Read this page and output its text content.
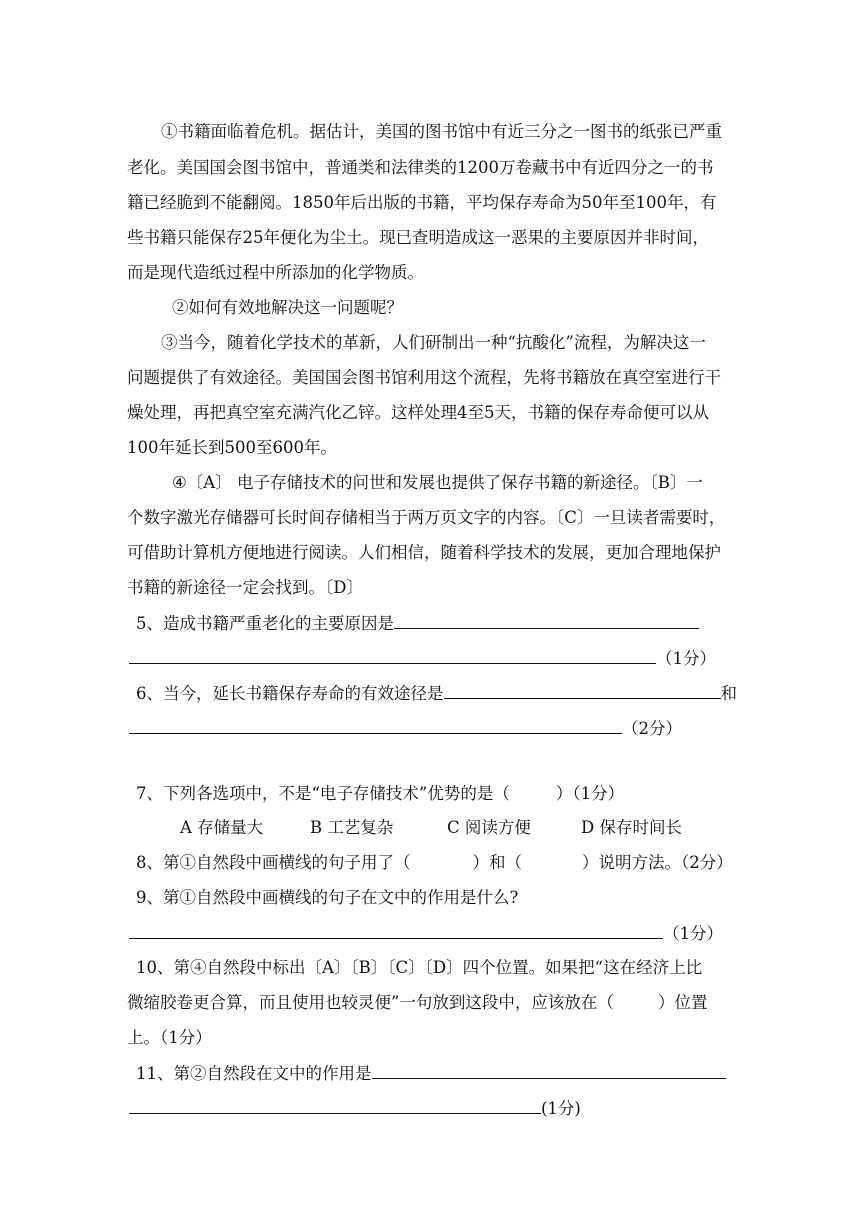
①书籍面临着危机。据估计，美国的图书馆中有近三分之一图书的纸张已严重
老化。美国国会图书馆中，普通类和法律类的1200万卷藏书中有近四分之一的书
籍已经脆到不能翻阅。1850年后出版的书籍，平均保存寿命为50年至100年，有
些书籍只能保存25年便化为尘土。现已查明造成这一恶果的主要原因并非时间，
而是现代造纸过程中所添加的化学物质。
②如何有效地解决这一问题呢？
③当今，随着化学技术的革新，人们研制出一种“抗酸化”流程，为解决这一
问题提供了有效途径。美国国会图书馆利用这个流程，先将书籍放在真空室进行干
燥处理，再把真空室充满汽化乙锌。这样处理4至5天，书籍的保存寿命便可以从
100年延长到500至600年。
④〔A〕 电子存储技术的问世和发展也提供了保存书籍的新途径。〔B〕一
个数字激光存储器可长时间存储相当于两万页文字的内容。〔C〕一旦读者需要时，
可借助计算机方便地进行阅读。人们相信，随着科学技术的发展，更加合理地保护
书籍的新途径一定会找到。〔D〕
5、造成书籍严重老化的主要原因是
（1分）
6、当今，延长书籍保存寿命的有效途径是	和
（2分）
7、下列各选项中，不是“电子存储技术”优势的是（	）（1分）
A 存储量大	B 工艺复杂	C 阅读方便	D 保存时间长
8、第①自然段中画横线的句子用了（	）和（	）说明方法。（2分）
9、第①自然段中画横线的句子在文中的作用是什么?
（1分）
10、第④自然段中标出〔A〕〔B〕〔C〕〔D〕四个位置。如果把“这在经济上比
微缩胶卷更合算，而且使用也较灵便”一句放到这段中，应该放在（	）位置
上。（1分）
11、第②自然段在文中的作用是
(1分)
